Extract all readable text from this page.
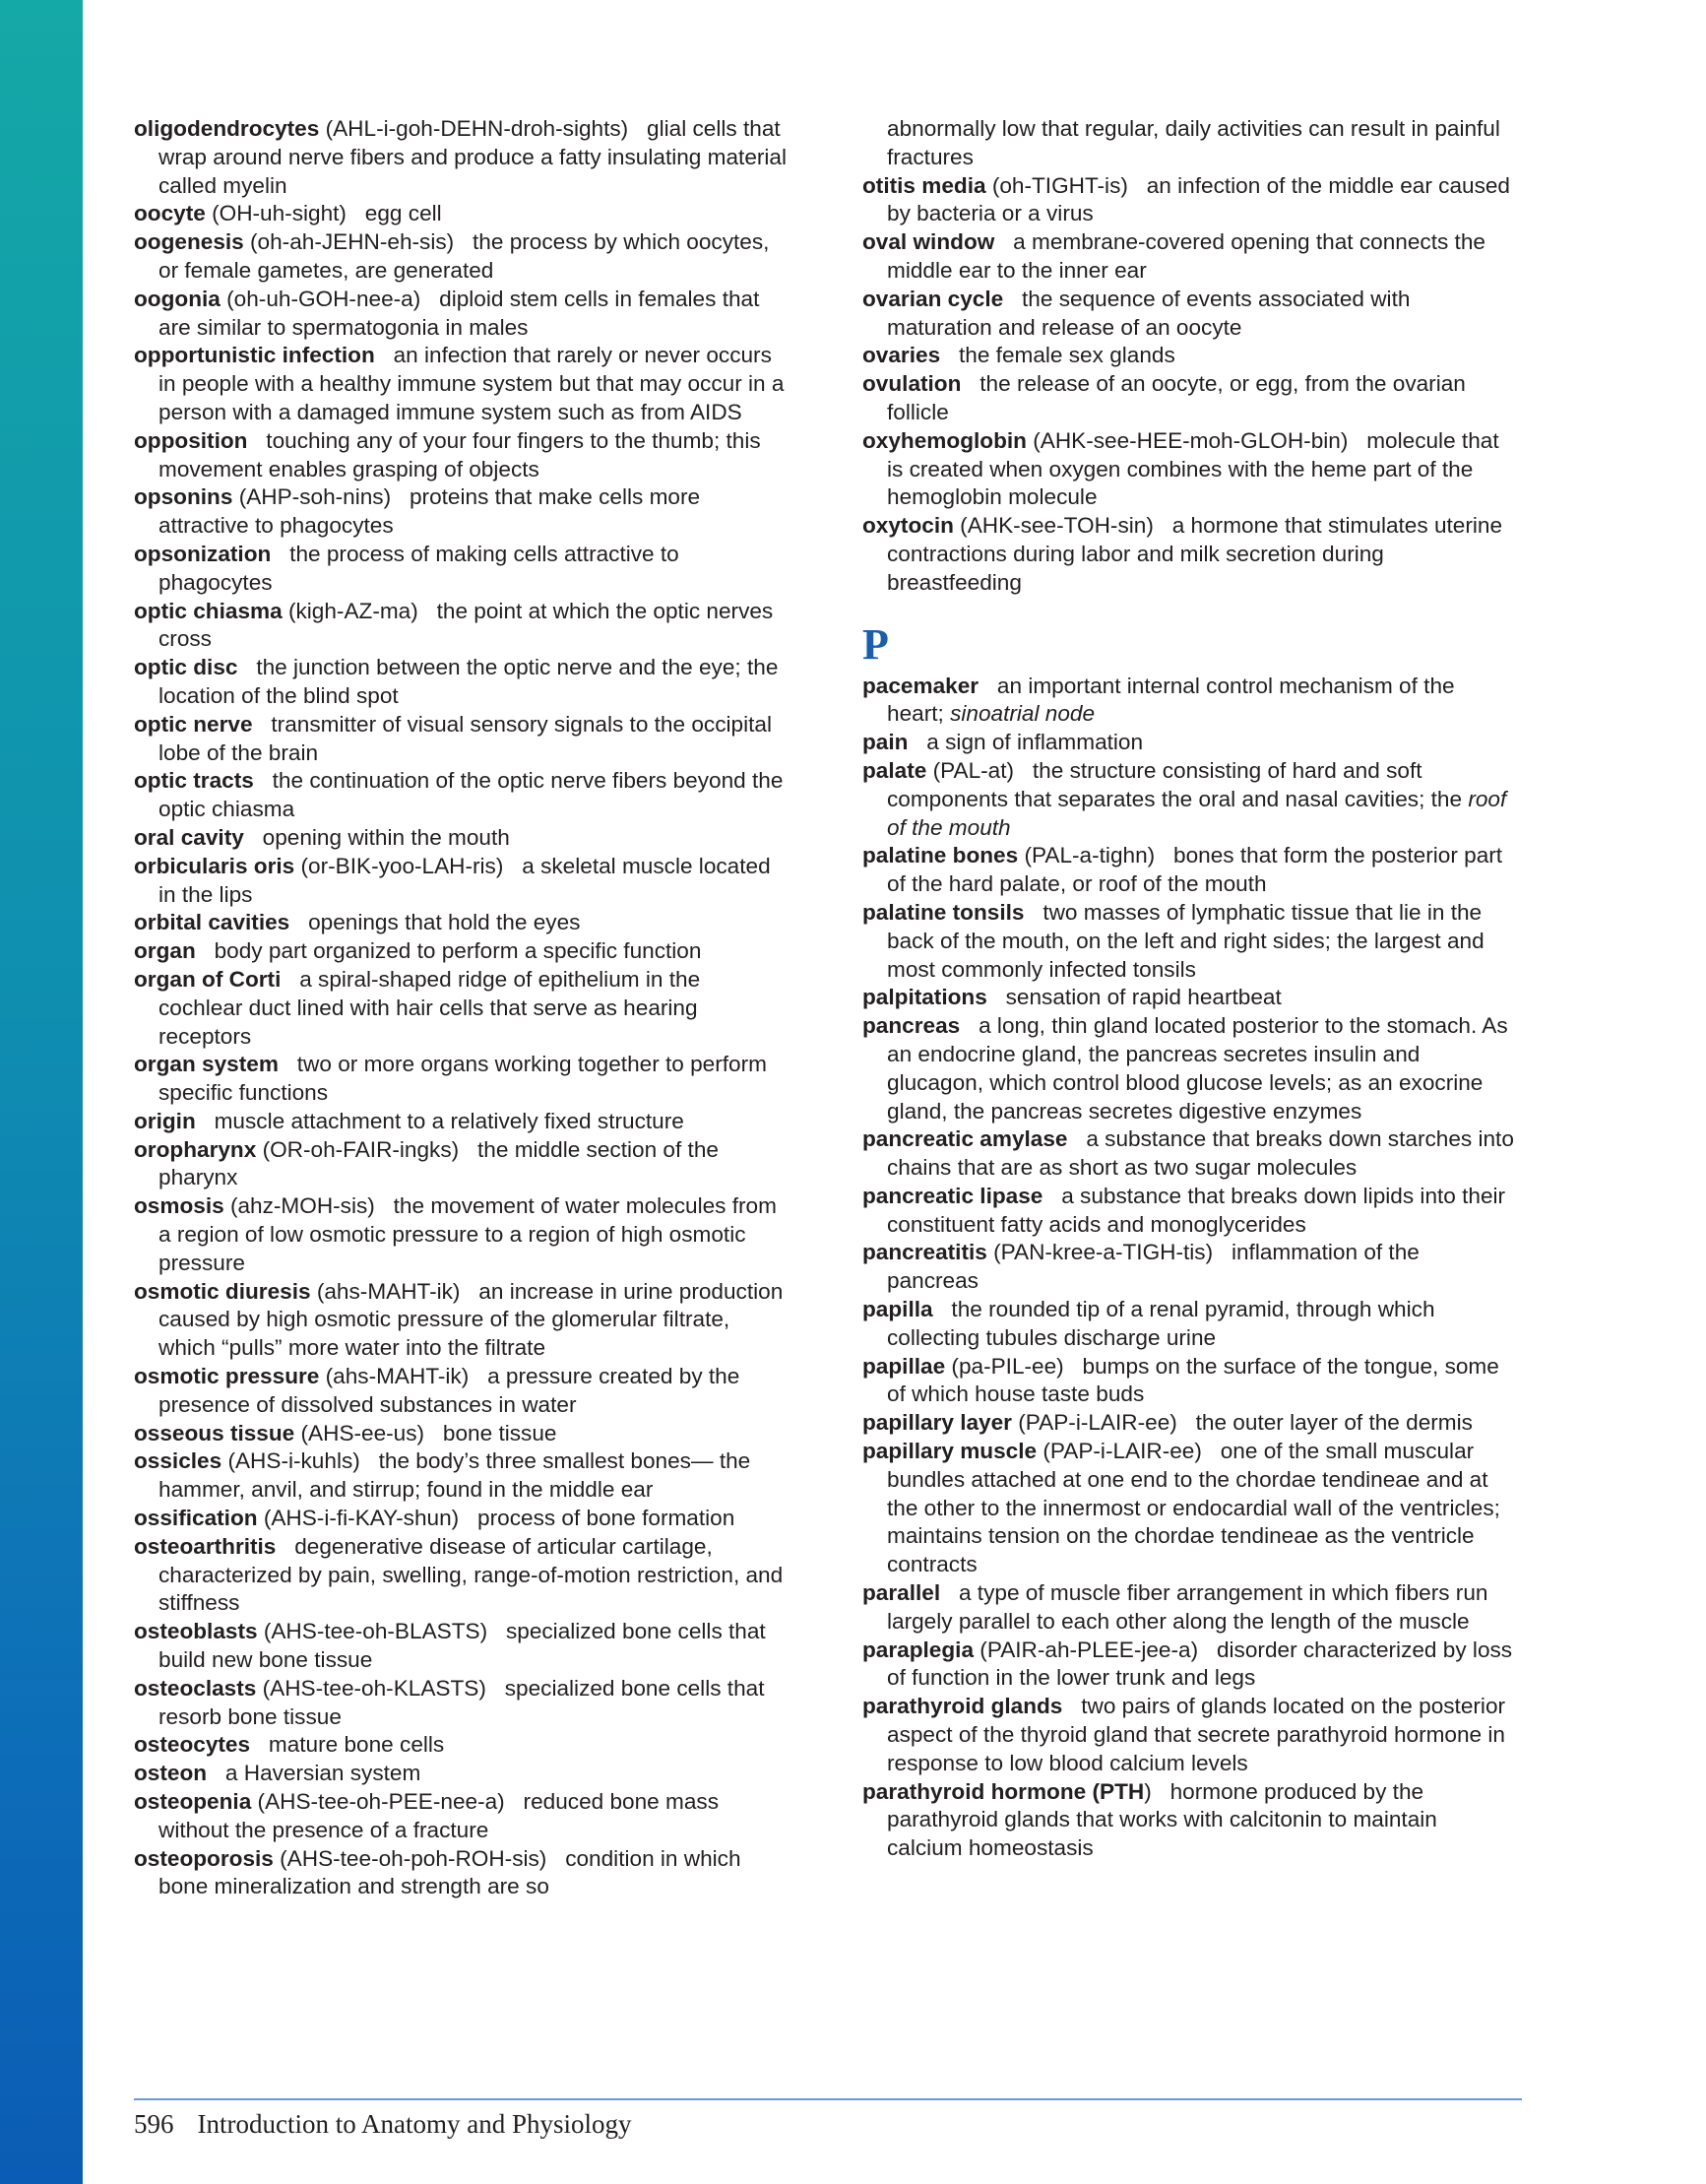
oligodendrocytes (AHL-i-goh-DEHN-droh-sights) glial cells that wrap around nerve fibers and produce a fatty insulating material called myelin
oocyte (OH-uh-sight) egg cell
oogenesis (oh-ah-JEHN-eh-sis) the process by which oocytes, or female gametes, are generated
oogonia (oh-uh-GOH-nee-a) diploid stem cells in females that are similar to spermatogonia in males
opportunistic infection an infection that rarely or never occurs in people with a healthy immune system but that may occur in a person with a damaged immune system such as from AIDS
opposition touching any of your four fingers to the thumb; this movement enables grasping of objects
opsonins (AHP-soh-nins) proteins that make cells more attractive to phagocytes
opsonization the process of making cells attractive to phagocytes
optic chiasma (kigh-AZ-ma) the point at which the optic nerves cross
optic disc the junction between the optic nerve and the eye; the location of the blind spot
optic nerve transmitter of visual sensory signals to the occipital lobe of the brain
optic tracts the continuation of the optic nerve fibers beyond the optic chiasma
oral cavity opening within the mouth
orbicularis oris (or-BIK-yoo-LAH-ris) a skeletal muscle located in the lips
orbital cavities openings that hold the eyes
organ body part organized to perform a specific function
organ of Corti a spiral-shaped ridge of epithelium in the cochlear duct lined with hair cells that serve as hearing receptors
organ system two or more organs working together to perform specific functions
origin muscle attachment to a relatively fixed structure
oropharynx (OR-oh-FAIR-ingks) the middle section of the pharynx
osmosis (ahz-MOH-sis) the movement of water molecules from a region of low osmotic pressure to a region of high osmotic pressure
osmotic diuresis (ahs-MAHT-ik) an increase in urine production caused by high osmotic pressure of the glomerular filtrate, which “pulls” more water into the filtrate
osmotic pressure (ahs-MAHT-ik) a pressure created by the presence of dissolved substances in water
osseous tissue (AHS-ee-us) bone tissue
ossicles (AHS-i-kuhls) the body’s three smallest bones— the hammer, anvil, and stirrup; found in the middle ear
ossification (AHS-i-fi-KAY-shun) process of bone formation
osteoarthritis degenerative disease of articular cartilage, characterized by pain, swelling, range-of-motion restriction, and stiffness
osteoblasts (AHS-tee-oh-BLASTS) specialized bone cells that build new bone tissue
osteoclasts (AHS-tee-oh-KLASTS) specialized bone cells that resorb bone tissue
osteocytes mature bone cells
osteon a Haversian system
osteopenia (AHS-tee-oh-PEE-nee-a) reduced bone mass without the presence of a fracture
osteoporosis (AHS-tee-oh-poh-ROH-sis) condition in which bone mineralization and strength are so
abnormally low that regular, daily activities can result in painful fractures
otitis media (oh-TIGHT-is) an infection of the middle ear caused by bacteria or a virus
oval window a membrane-covered opening that connects the middle ear to the inner ear
ovarian cycle the sequence of events associated with maturation and release of an oocyte
ovaries the female sex glands
ovulation the release of an oocyte, or egg, from the ovarian follicle
oxyhemoglobin (AHK-see-HEE-moh-GLOH-bin) molecule that is created when oxygen combines with the heme part of the hemoglobin molecule
oxytocin (AHK-see-TOH-sin) a hormone that stimulates uterine contractions during labor and milk secretion during breastfeeding
P
pacemaker an important internal control mechanism of the heart; sinoatrial node
pain a sign of inflammation
palate (PAL-at) the structure consisting of hard and soft components that separates the oral and nasal cavities; the roof of the mouth
palatine bones (PAL-a-tighn) bones that form the posterior part of the hard palate, or roof of the mouth
palatine tonsils two masses of lymphatic tissue that lie in the back of the mouth, on the left and right sides; the largest and most commonly infected tonsils
palpitations sensation of rapid heartbeat
pancreas a long, thin gland located posterior to the stomach. As an endocrine gland, the pancreas secretes insulin and glucagon, which control blood glucose levels; as an exocrine gland, the pancreas secretes digestive enzymes
pancreatic amylase a substance that breaks down starches into chains that are as short as two sugar molecules
pancreatic lipase a substance that breaks down lipids into their constituent fatty acids and monoglycerides
pancreatitis (PAN-kree-a-TIGH-tis) inflammation of the pancreas
papilla the rounded tip of a renal pyramid, through which collecting tubules discharge urine
papillae (pa-PIL-ee) bumps on the surface of the tongue, some of which house taste buds
papillary layer (PAP-i-LAIR-ee) the outer layer of the dermis
papillary muscle (PAP-i-LAIR-ee) one of the small muscular bundles attached at one end to the chordae tendineae and at the other to the innermost or endocardial wall of the ventricles; maintains tension on the chordae tendineae as the ventricle contracts
parallel a type of muscle fiber arrangement in which fibers run largely parallel to each other along the length of the muscle
paraplegia (PAIR-ah-PLEE-jee-a) disorder characterized by loss of function in the lower trunk and legs
parathyroid glands two pairs of glands located on the posterior aspect of the thyroid gland that secrete parathyroid hormone in response to low blood calcium levels
parathyroid hormone (PTH) hormone produced by the parathyroid glands that works with calcitonin to maintain calcium homeostasis
596 Introduction to Anatomy and Physiology
